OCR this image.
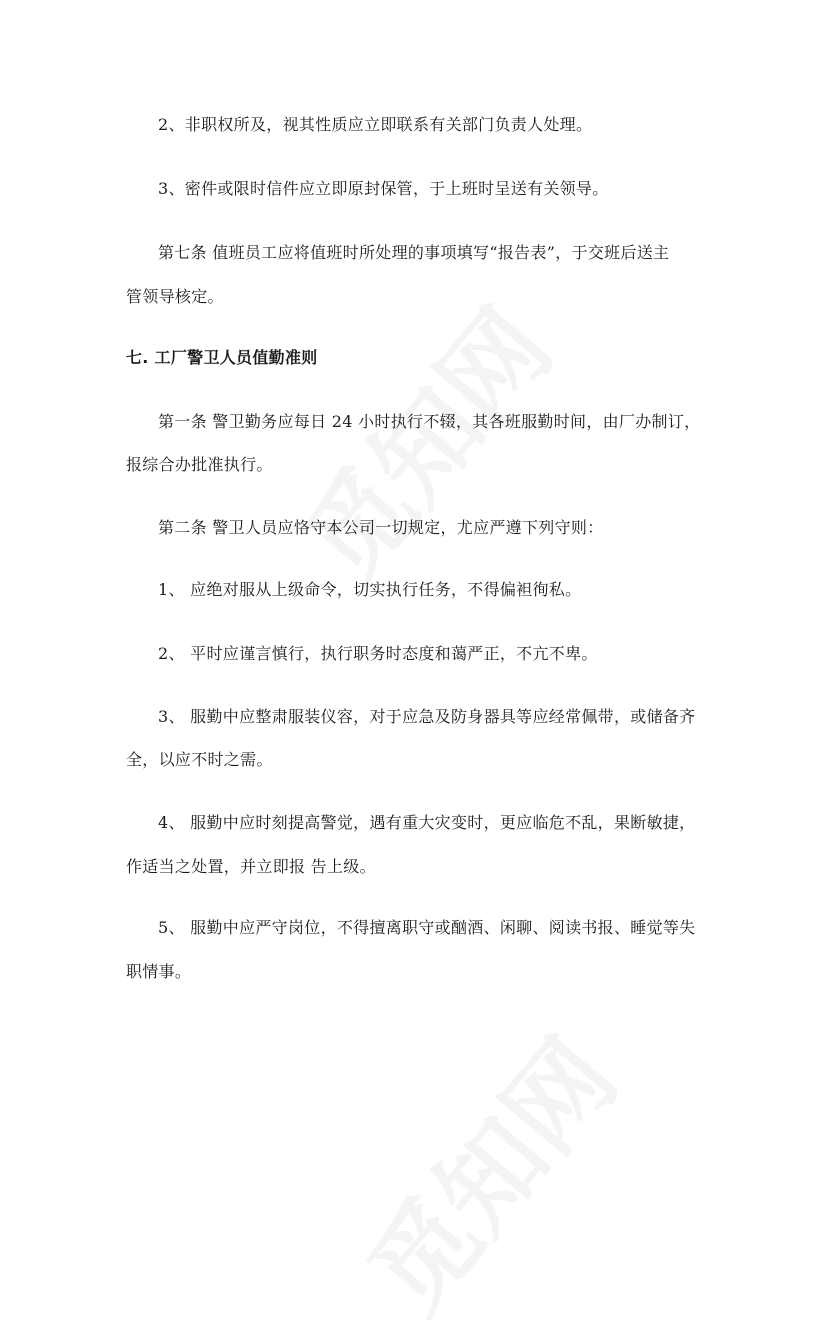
2、非职权所及，视其性质应立即联系有关部门负责人处理。
3、密件或限时信件应立即原封保管，于上班时呈送有关领导。
第七条 值班员工应将值班时所处理的事项填写“报告表”，于交班后送主
管领导核定。
七. 工厂警卫人员值勤准则
第一条 警卫勤务应每日 24 小时执行不辍，其各班服勤时间，由厂办制订，
报综合办批准执行。
第二条 警卫人员应恪守本公司一切规定，尤应严遵下列守则：
1、 应绝对服从上级命令，切实执行任务，不得偏袒徇私。
2、 平时应谨言慎行，执行职务时态度和蔼严正，不亢不卑。
3、 服勤中应整肃服装仪容，对于应急及防身器具等应经常佩带，或储备齐
全，以应不时之需。
4、 服勤中应时刻提高警觉，遇有重大灾变时，更应临危不乱，果断敏捷，
作适当之处置，并立即报 告上级。
5、 服勤中应严守岗位，不得擅离职守或酗酒、闲聊、阅读书报、睡觉等失
职情事。
